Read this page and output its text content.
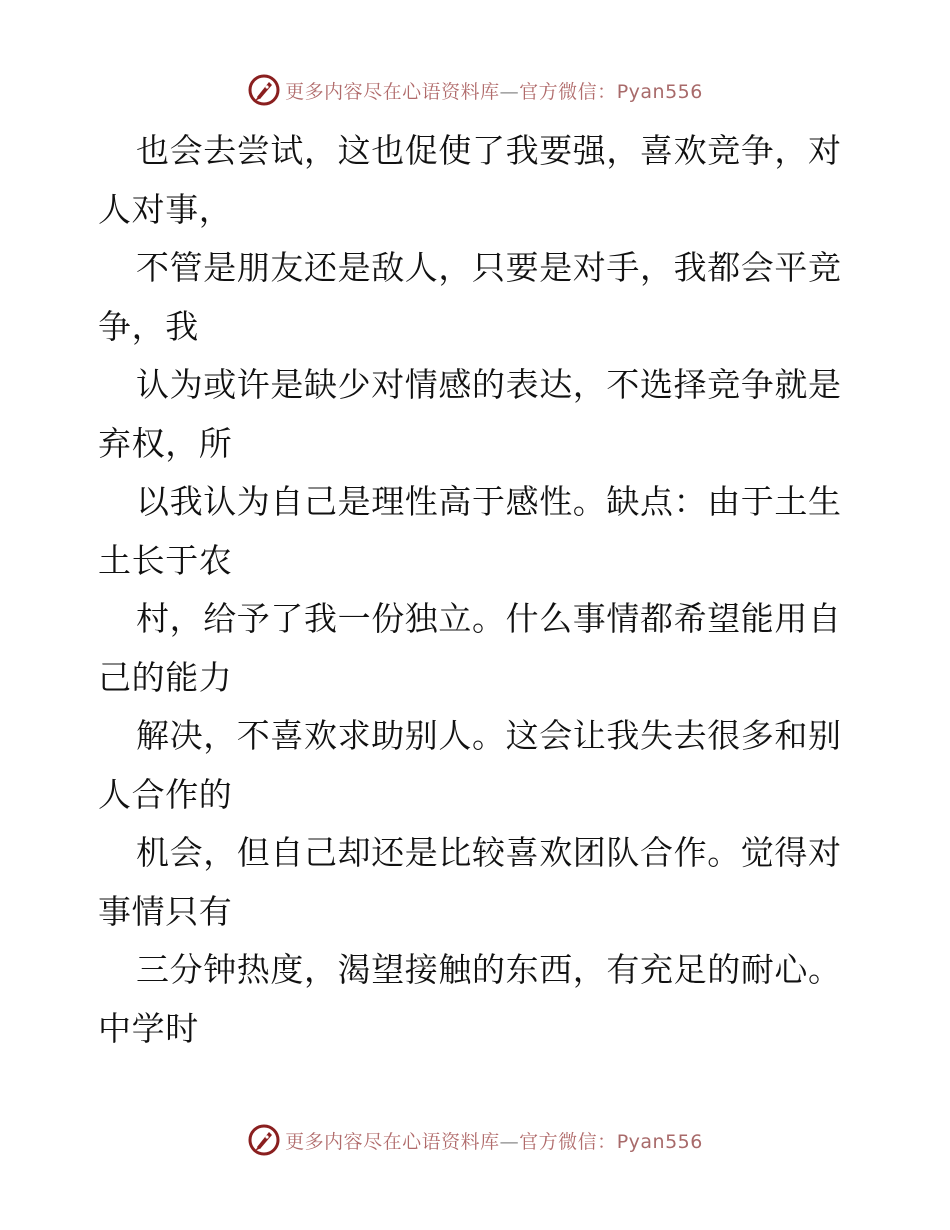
更多内容尽在心语资料库—官方微信：Pyan556
也会去尝试，这也促使了我要强，喜欢竞争，对
人对事，
不管是朋友还是敌人，只要是对手，我都会平竞
争，我
认为或许是缺少对情感的表达，不选择竞争就是
弃权，所
以我认为自己是理性高于感性。缺点：由于土生
土长于农
村，给予了我一份独立。什么事情都希望能用自
己的能力
解决，不喜欢求助别人。这会让我失去很多和别
人合作的
机会，但自己却还是比较喜欢团队合作。觉得对
事情只有
三分钟热度，渴望接触的东西，有充足的耐心。
中学时
更多内容尽在心语资料库—官方微信：Pyan556
